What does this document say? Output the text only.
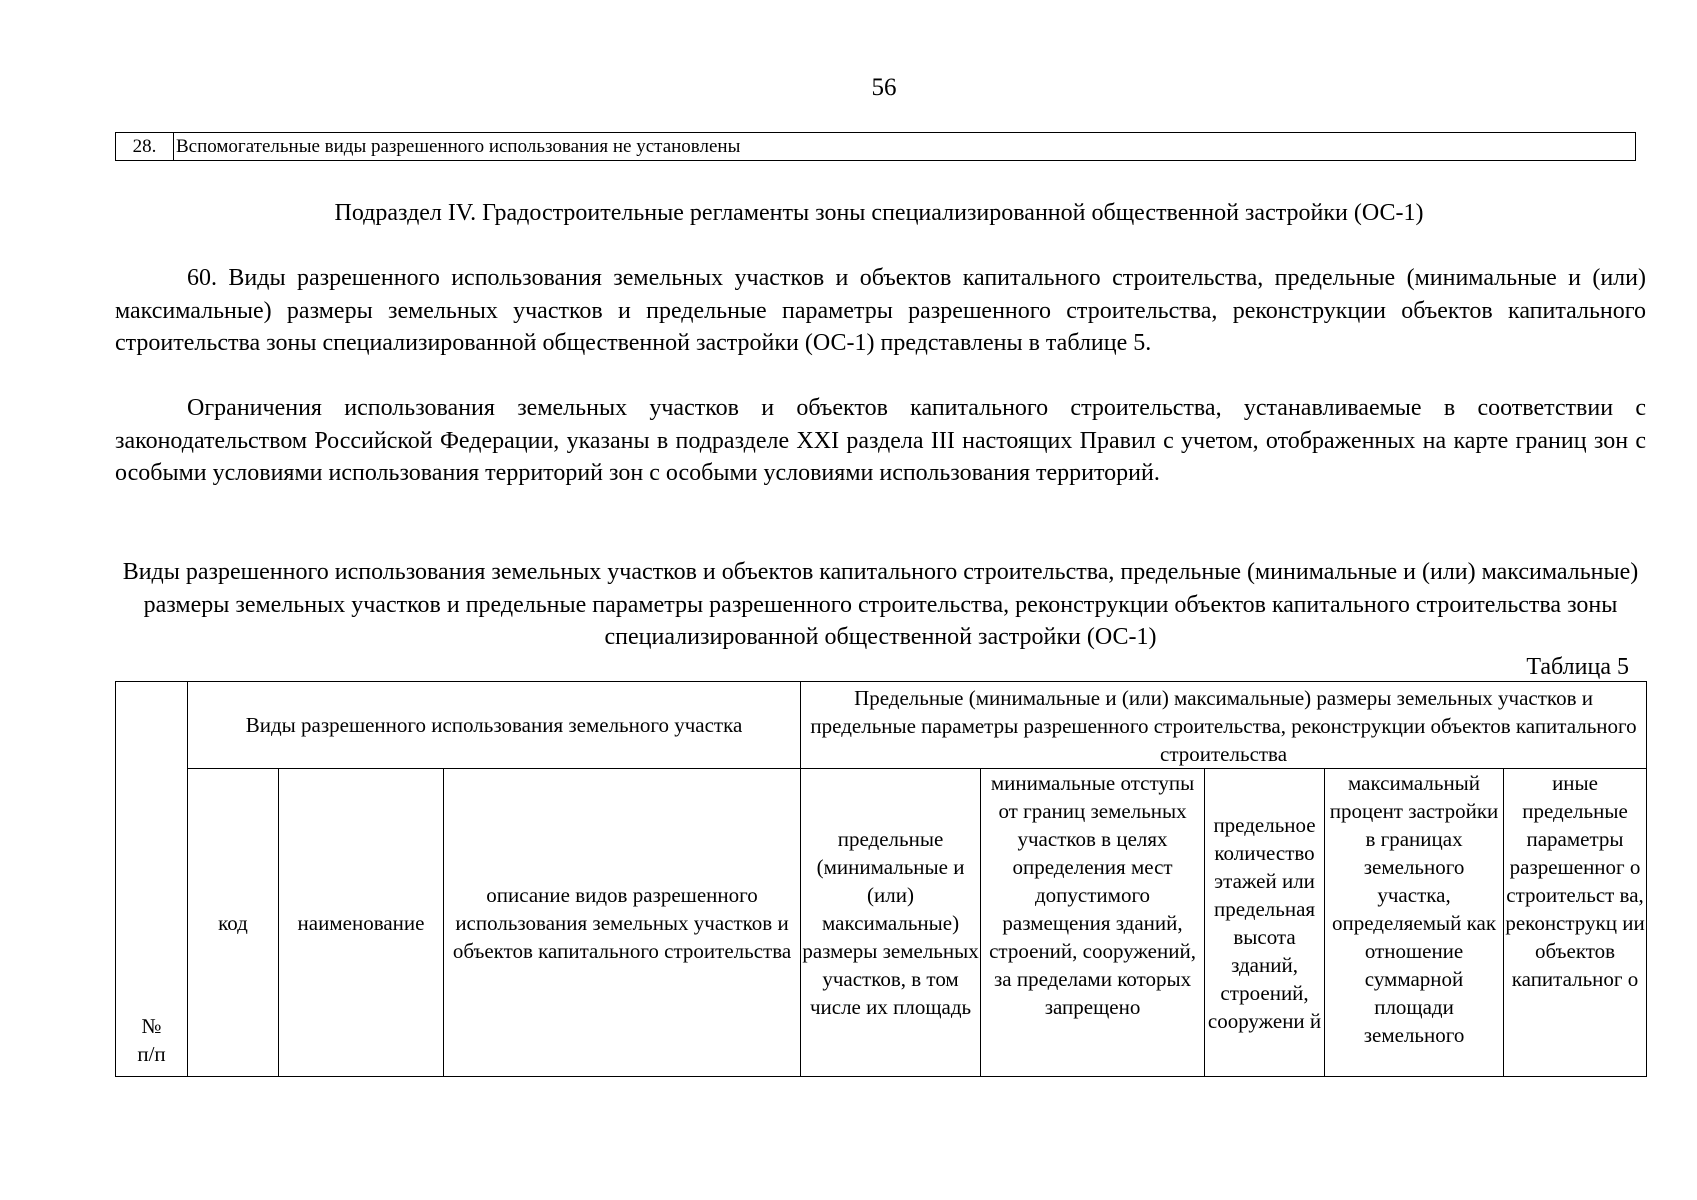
56
28.	Вспомогательные виды разрешенного использования не установлены
Подраздел IV. Градостроительные регламенты зоны специализированной общественной застройки (ОС-1)

60. Виды разрешенного использования земельных участков и объектов капитального строительства, предельные (минимальные и (или) максимальные) размеры земельных участков и предельные параметры разрешенного строительства, реконструкции объектов капитального строительства зоны специализированной общественной застройки (ОС-1) представлены в таблице 5.

Ограничения использования земельных участков и объектов капитального строительства, устанавливаемые в соответствии с законодательством Российской Федерации, указаны в подразделе XXI раздела III настоящих Правил с учетом, отображенных на карте границ зон с особыми условиями использования территорий зон с особыми условиями использования территорий.

Виды разрешенного использования земельных участков и объектов капитального строительства, предельные (минимальные и (или) максимальные) размеры земельных участков и предельные параметры разрешенного строительства, реконструкции объектов капитального строительства зоны специализированной общественной застройки (ОС-1)
Таблица 5
№
п/п	Виды разрешенного использования земельного участка			Предельные (минимальные и (или) максимальные) размеры земельных участков и предельные параметры разрешенного строительства, реконструкции объектов капитального строительства				
	код	наименование	описание видов разрешенного использования земельных участков и объектов капитального строительства	предельные (минимальные и (или) максимальные) размеры земельных участков, в том числе их площадь	минимальные отступы от границ земельных участков в целях определения мест допустимого размещения зданий, строений, сооружений, за пределами которых запрещено	предельное количество этажей или предельная высота зданий, строений, сооружени й	максимальный процент застройки в границах земельного участка, определяемый как отношение суммарной площади земельного	иные предельные параметры разрешенног о строительст ва, реконструкц ии объектов капитальног о
